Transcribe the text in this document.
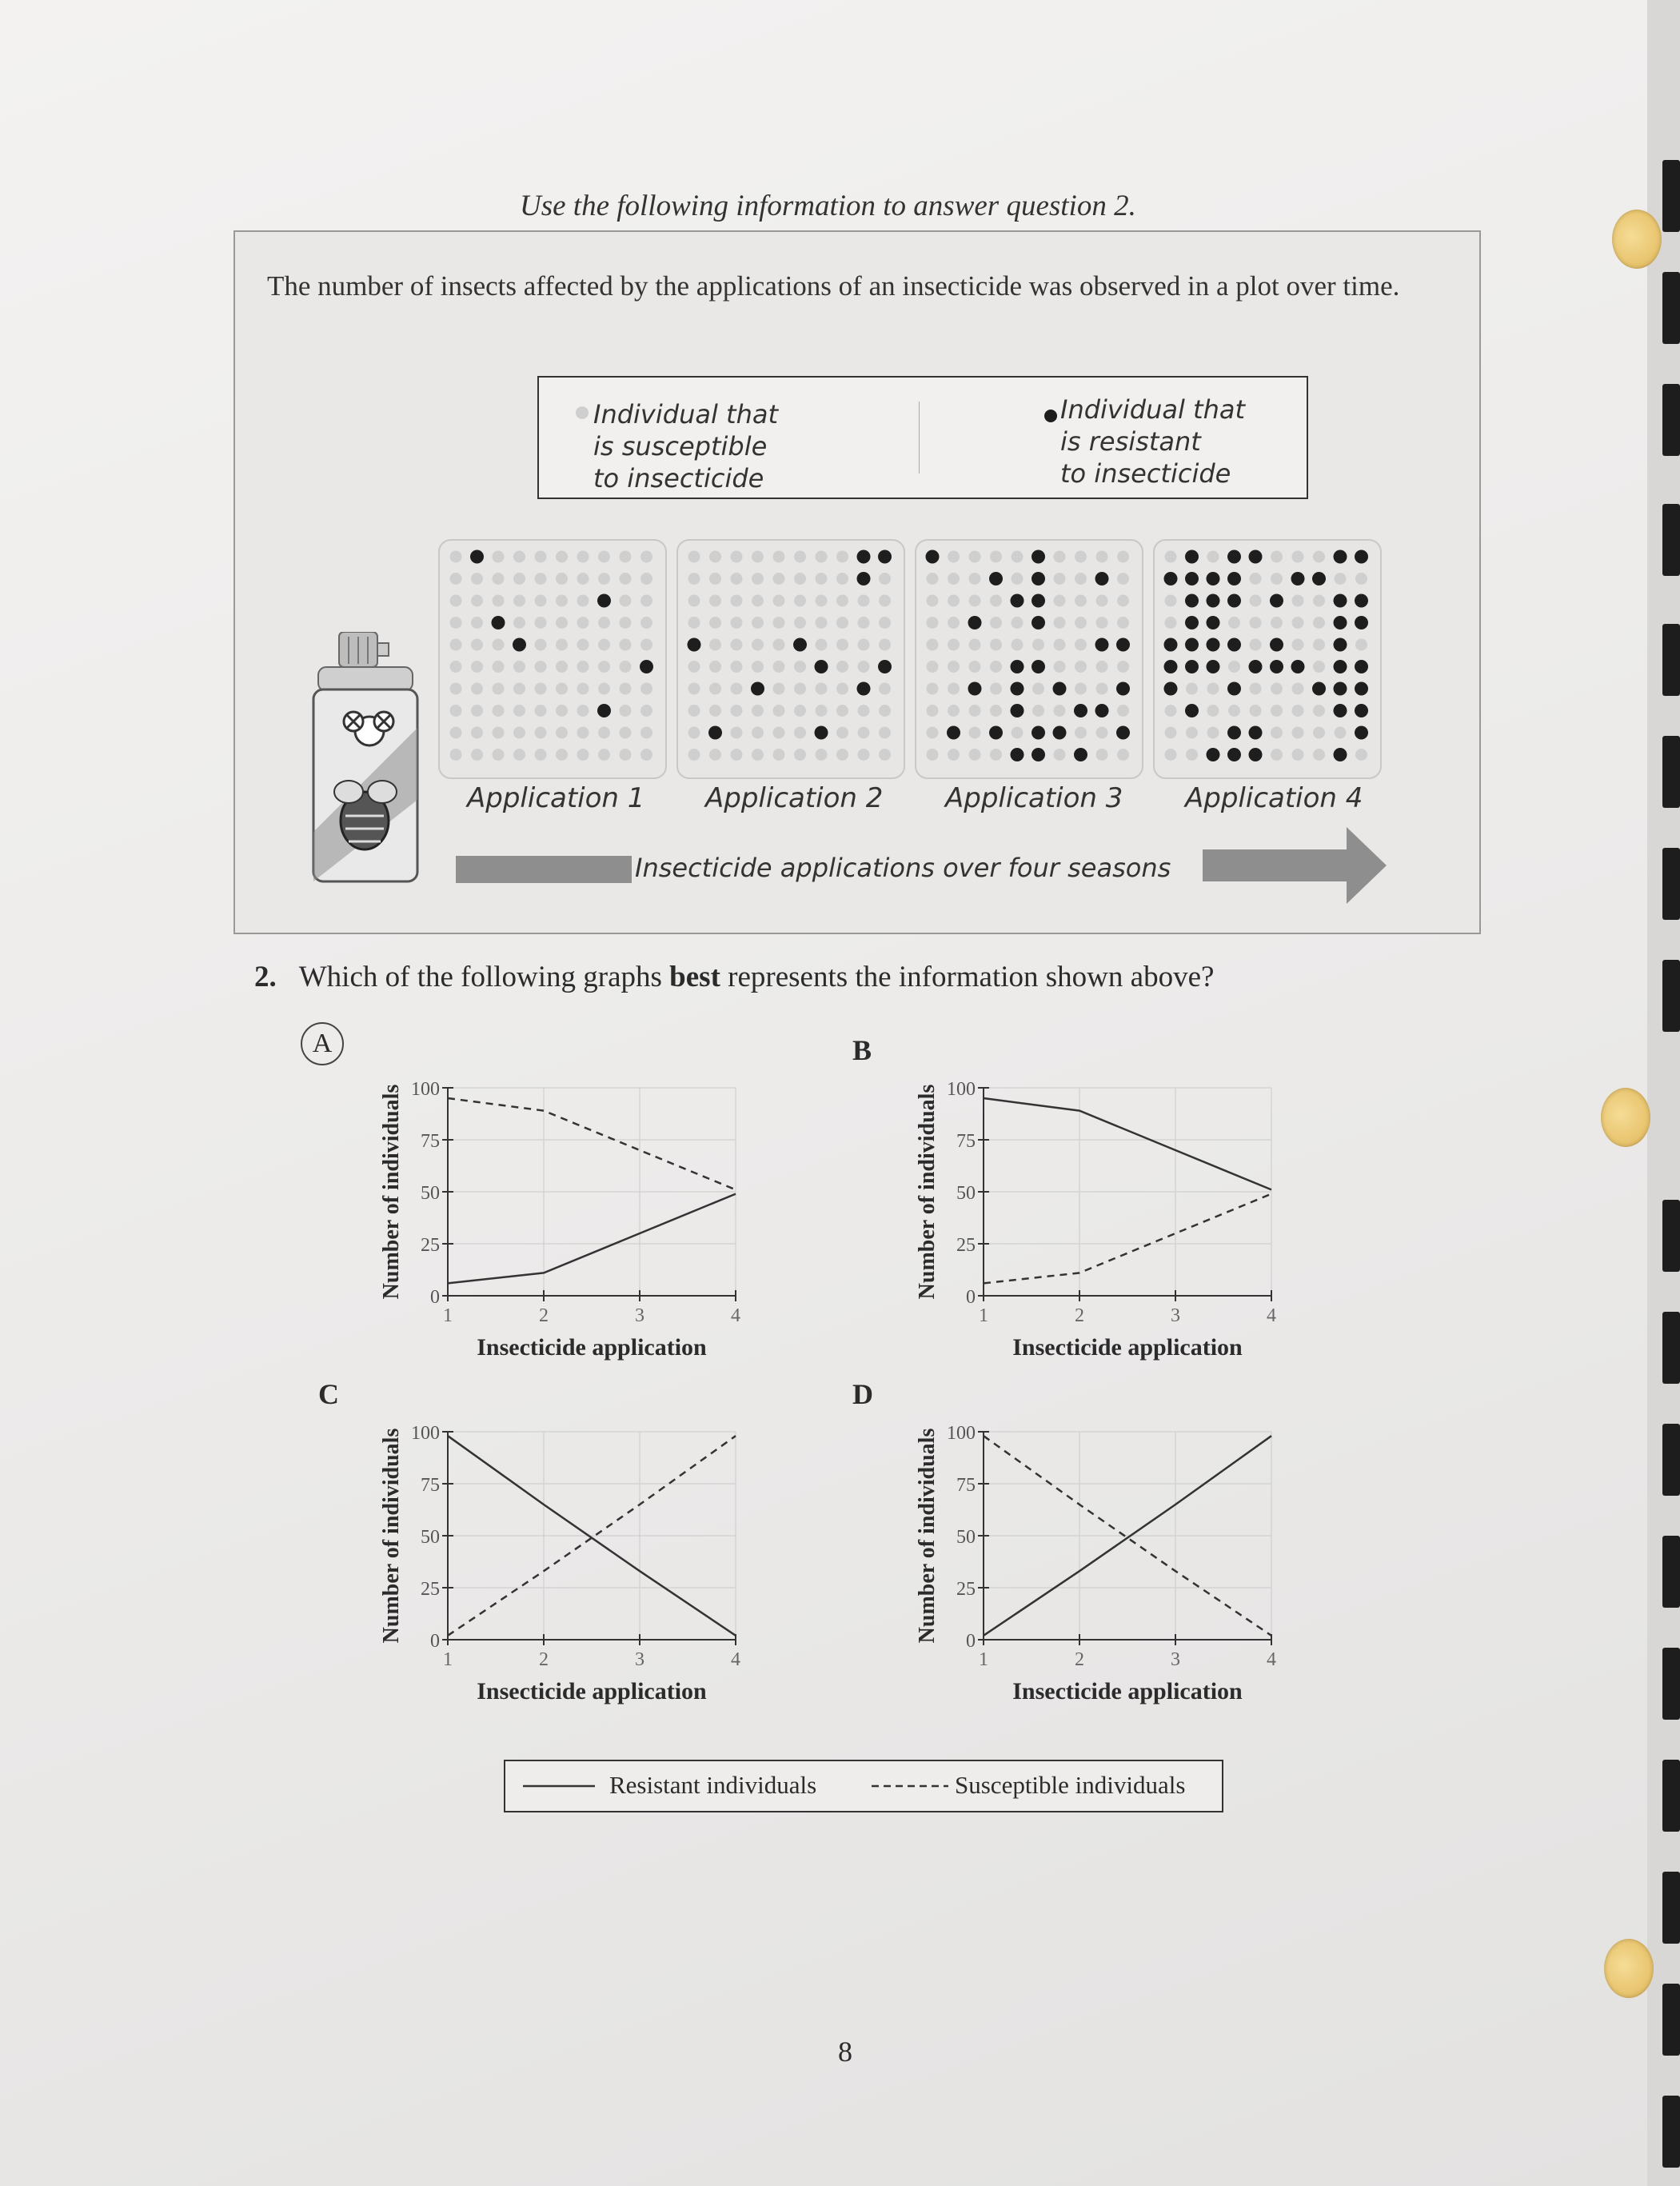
Use the following information to answer question 2.
The number of insects affected by the applications of an insecticide was observed in a plot over time.
Individual that
is susceptible
to insecticide
Individual that
is resistant
to insecticide
Application 1 Application 2 Application 3 Application 4
Insecticide applications over four seasons
2. Which of the following graphs best represents the information shown above?
A	B
C	D
0
25
50
75
100
1	2	3	4
Insecticide application
Number of individuals	0
25
50
75
100
1	2	3	4
Insecticide application
Number of individuals
0
25
50
75
100
1	2	3	4
Insecticide application
Number of individuals	0
25
50
75
100
1	2	3	4
Insecticide application
Number of individuals
Resistant individuals	Susceptible individuals
8
